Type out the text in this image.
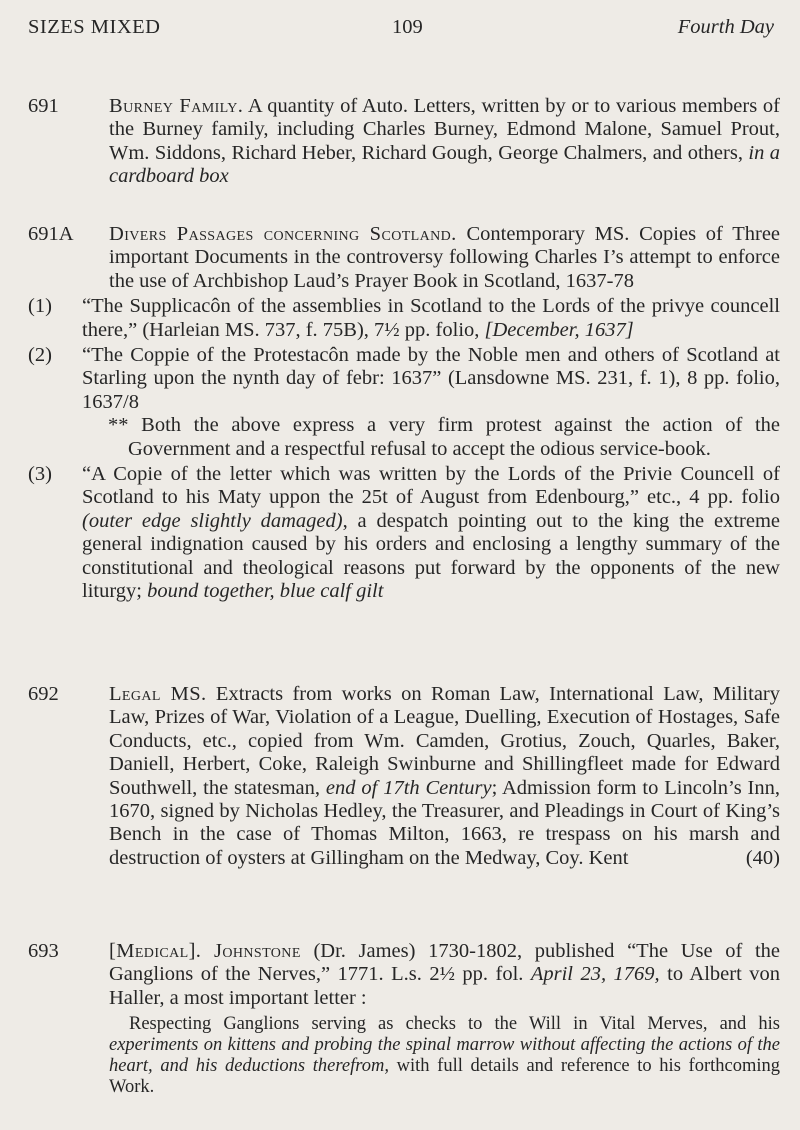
SIZES MIXED	109	Fourth Day
691 Burney Family. A quantity of Auto. Letters, written by or to various members of the Burney family, including Charles Burney, Edmond Malone, Samuel Prout, Wm. Siddons, Richard Heber, Richard Gough, George Chalmers, and others, in a cardboard box
691A Divers Passages concerning Scotland. Contemporary MS. Copies of Three important Documents in the controversy following Charles I’s attempt to enforce the use of Archbishop Laud’s Prayer Book in Scotland, 1637-78
(1) “The Supplicacôn of the assemblies in Scotland to the Lords of the privye councell there,” (Harleian MS. 737, f. 75B), 7½ pp. folio, [December, 1637]
(2) “The Coppie of the Protestacôn made by the Noble men and others of Scotland at Starling upon the nynth day of febr: 1637” (Lansdowne MS. 231, f. 1), 8 pp. folio, 1637/8
** Both the above express a very firm protest against the action of the Government and a respectful refusal to accept the odious service-book.
(3) “A Copie of the letter which was written by the Lords of the Privie Councell of Scotland to his Maty uppon the 25t of August from Edenbourg,” etc., 4 pp. folio (outer edge slightly damaged), a despatch pointing out to the king the extreme general indignation caused by his orders and enclosing a lengthy summary of the constitutional and theological reasons put forward by the opponents of the new liturgy; bound together, blue calf gilt
692 Legal MS. Extracts from works on Roman Law, International Law, Military Law, Prizes of War, Violation of a League, Duelling, Execution of Hostages, Safe Conducts, etc., copied from Wm. Camden, Grotius, Zouch, Quarles, Baker, Daniell, Herbert, Coke, Raleigh Swinburne and Shillingfleet made for Edward Southwell, the statesman, end of 17th Century; Admission form to Lincoln’s Inn, 1670, signed by Nicholas Hedley, the Treasurer, and Pleadings in Court of King’s Bench in the case of Thomas Milton, 1663, re trespass on his marsh and destruction of oysters at Gillingham on the Medway, Coy. Kent	(40)
693 [Medical]. Johnstone (Dr. James) 1730-1802, published “The Use of the Ganglions of the Nerves,” 1771. L.s. 2½ pp. fol. April 23, 1769, to Albert von Haller, a most important letter :
Respecting Ganglions serving as checks to the Will in Vital Merves, and his experiments on kittens and probing the spinal marrow without affecting the actions of the heart, and his deductions therefrom, with full details and reference to his forthcoming Work.
